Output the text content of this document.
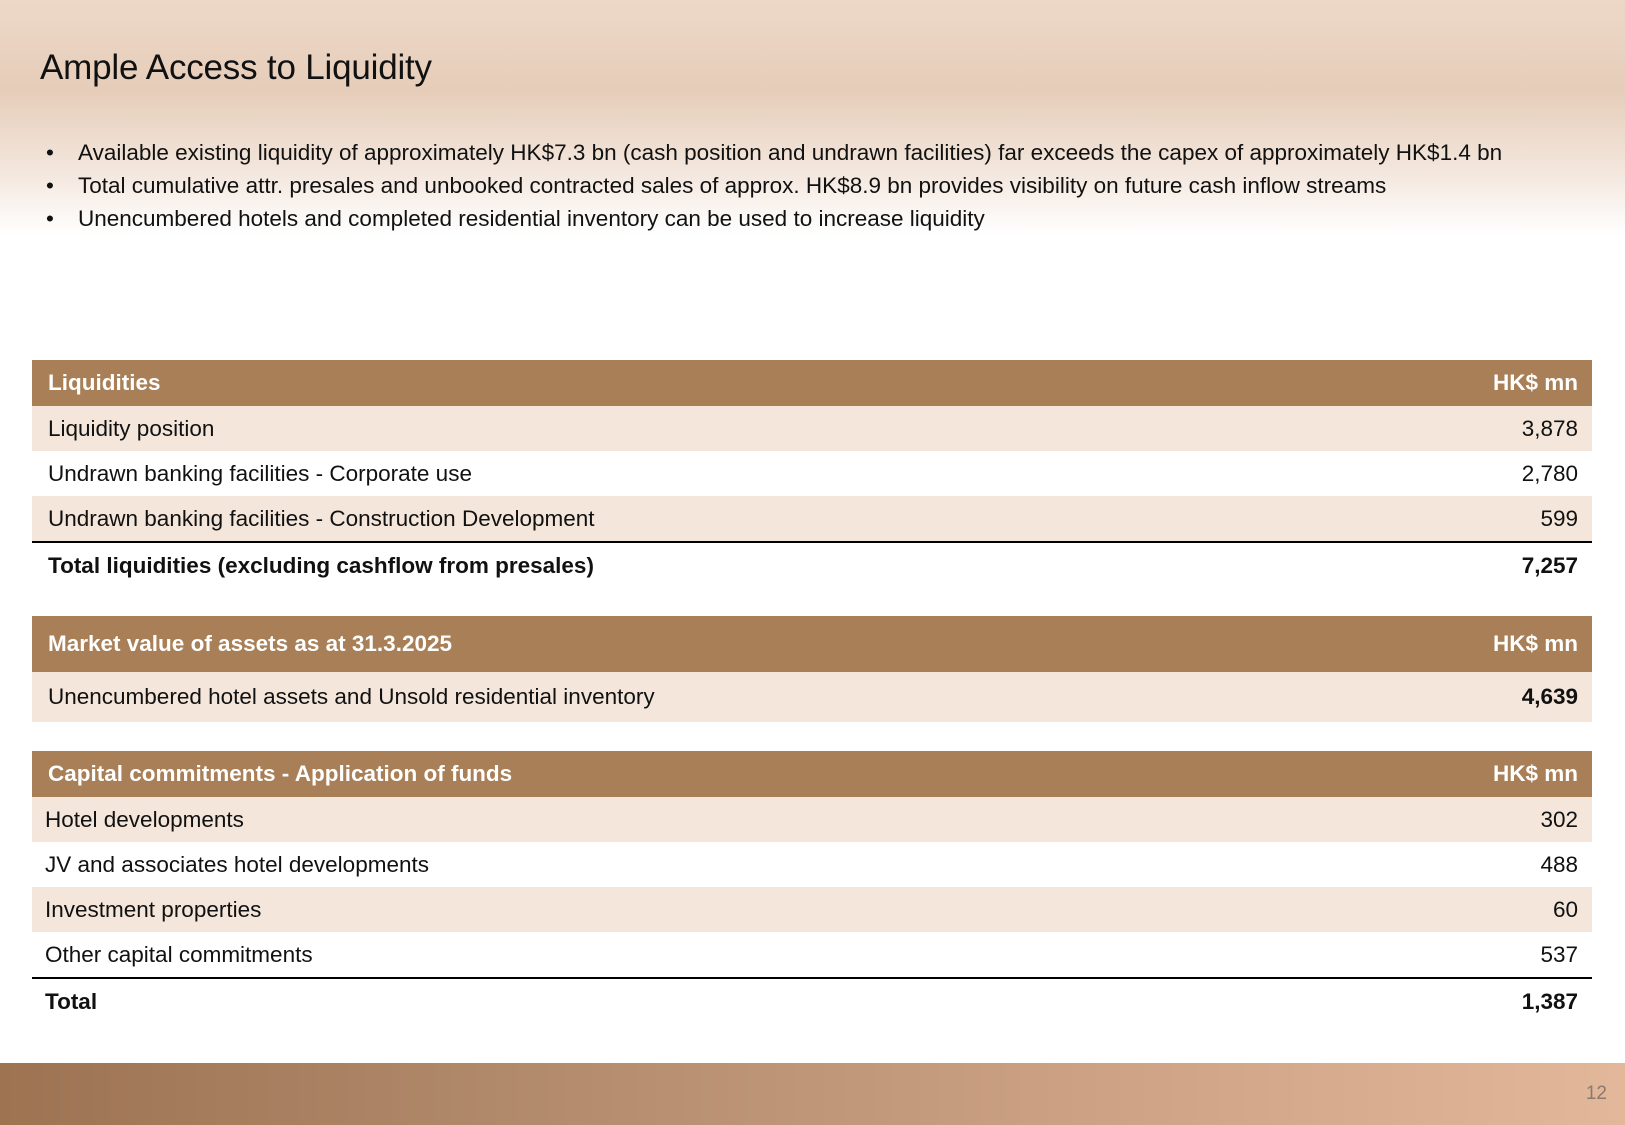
Ample Access to Liquidity
• Available existing liquidity of approximately HK$7.3 bn (cash position and undrawn facilities) far exceeds the capex of approximately HK$1.4 bn
• Total cumulative attr. presales and unbooked contracted sales of approx. HK$8.9 bn provides visibility on future cash inflow streams
• Unencumbered hotels and completed residential inventory can be used to increase liquidity
Liquidities	HK$ mn
Liquidity position	3,878
Undrawn banking facilities - Corporate use	2,780
Undrawn banking facilities - Construction Development	599
Total liquidities (excluding cashflow from presales)	7,257
Market value of assets as at 31.3.2025	HK$ mn
Unencumbered hotel assets and Unsold residential inventory	4,639
Capital commitments - Application of funds	HK$ mn
Hotel developments	302
JV and associates hotel developments	488
Investment properties	60
Other capital commitments	537
Total	1,387
12
